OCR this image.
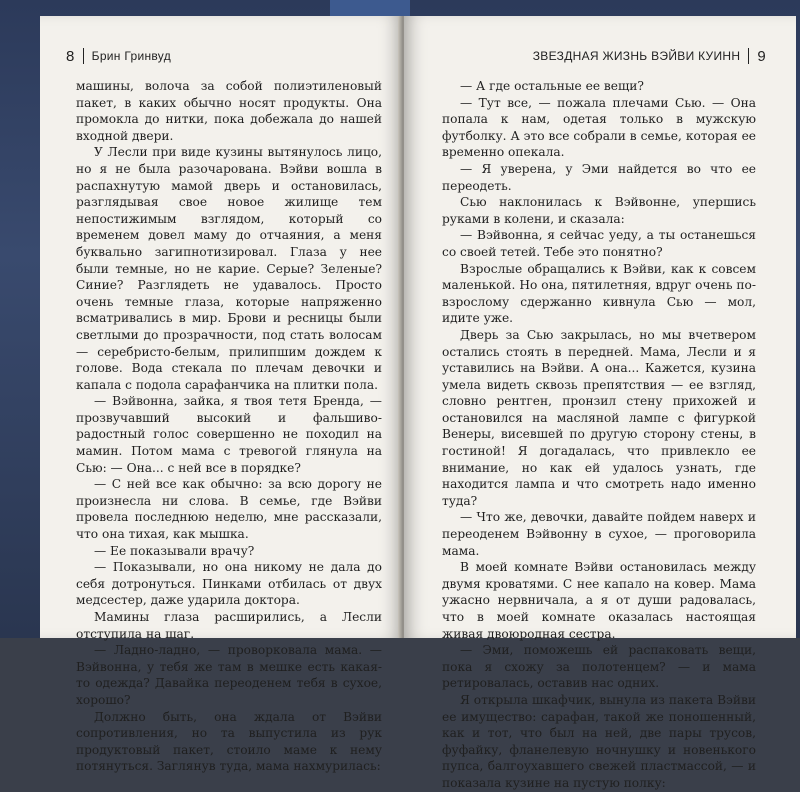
8 Брин Гринвуд

машины, волоча за собой полиэтиленовый пакет, в каких обычно носят продукты. Она промокла до нитки, пока добежала до нашей входной двери.

У Лесли при виде кузины вытянулось лицо, но я не была разочарована. Вэйви вошла в распахнутую мамой дверь и остановилась, разглядывая свое новое жилище тем непостижимым взглядом, который со временем довел маму до отчаяния, а меня буквально загипнотизировал. Глаза у нее были темные, но не карие. Серые? Зеленые? Синие? Разглядеть не удавалось. Просто очень темные глаза, которые напряженно всматривались в мир. Брови и ресницы были светлыми до прозрачности, под стать волосам — серебристо-белым, прилипшим дождем к голове. Вода стекала по плечам девочки и капала с подола сарафанчика на плитки пола.

— Вэйвонна, зайка, я твоя тетя Бренда, — прозвучавший высокий и фальшиво-радостный голос совершенно не походил на мамин. Потом мама с тревогой глянула на Сью: — Она... с ней все в порядке?

— С ней все как обычно: за всю дорогу не произнесла ни слова. В семье, где Вэйви провела последнюю неделю, мне рассказали, что она тихая, как мышка.

— Ее показывали врачу?

— Показывали, но она никому не дала до себя дотронуться. Пинками отбилась от двух медсестер, даже ударила доктора.

Мамины глаза расширились, а Лесли отступила на шаг.

— Ладно-ладно, — проворковала мама. — Вэйвонна, у тебя же там в мешке есть какая-то одежда? Давайка переоденем тебя в сухое, хорошо?

Должно быть, она ждала от Вэйви сопротивления, но та выпустила из рук продуктовый пакет, стоило маме к нему потянуться. Заглянув туда, мама нахмурилась:

ЗВЕЗДНАЯ ЖИЗНЬ ВЭЙВИ КУИНН 9

— А где остальные ее вещи?

— Тут все, — пожала плечами Сью. — Она попала к нам, одетая только в мужскую футболку. А это все собрали в семье, которая ее временно опекала.

— Я уверена, у Эми найдется во что ее переодеть.

Сью наклонилась к Вэйвонне, упершись руками в колени, и сказала:

— Вэйвонна, я сейчас уеду, а ты останешься со своей тетей. Тебе это понятно?

Взрослые обращались к Вэйви, как к совсем маленькой. Но она, пятилетняя, вдруг очень по-взрослому сдержанно кивнула Сью — мол, идите уже.

Дверь за Сью закрылась, но мы вчетвером остались стоять в передней. Мама, Лесли и я уставились на Вэйви. А она... Кажется, кузина умела видеть сквозь препятствия — ее взгляд, словно рентген, пронзил стену прихожей и остановился на масляной лампе с фигуркой Венеры, висевшей по другую сторону стены, в гостиной! Я догадалась, что привлекло ее внимание, но как ей удалось узнать, где находится лампа и что смотреть надо именно туда?

— Что же, девочки, давайте пойдем наверх и переоденем Вэйвонну в сухое, — проговорила мама.

В моей комнате Вэйви остановилась между двумя кроватями. С нее капало на ковер. Мама ужасно нервничала, а я от души радовалась, что в моей комнате оказалась настоящая живая двоюродная сестра.

— Эми, поможешь ей распаковать вещи, пока я схожу за полотенцем? — и мама ретировалась, оставив нас одних.

Я открыла шкафчик, вынула из пакета Вэйви ее имущество: сарафан, такой же поношенный, как и тот, что был на ней, две пары трусов, фуфайку, фланелевую ночнушку и новенького пупса, балгоухавшего свежей пластмассой, — и показала кузине на пустую полку:
